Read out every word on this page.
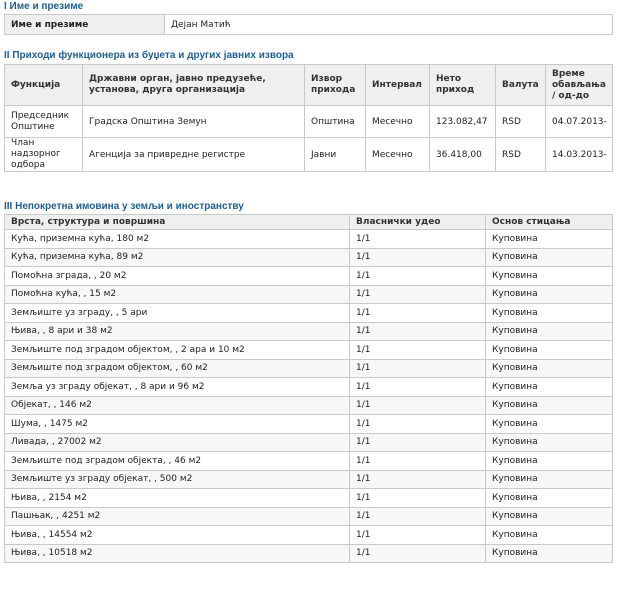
I Име и презиме
Име и презиме	Дејан Матић
II Приходи функционера из буџета и других јавних извора
Функција	Државни орган, јавно предузеће, установа, друга организација	Извор прихода	Интервал	Нето приход	Валута	Време обављања / од-до
Председник Општине	Градска Општина Земун	Општина	Месечно	123.082,47	RSD	04.07.2013-
Члан надзорног одбора	Агенција за привредне регистре	Јавни	Месечно	36.418,00	RSD	14.03.2013-
III Непокретна имовина у земљи и иностранству
Врста, структура и површина	Власнички удео	Основ стицања
Кућа, приземна кућа, 180 м2	1/1	Куповина
Кућа, приземна кућа, 89 м2	1/1	Куповина
Помоћна зграда, , 20 м2	1/1	Куповина
Помоћна кућа, , 15 м2	1/1	Куповина
Земљиште уз зграду, , 5 ари	1/1	Куповина
Њива, , 8 ари и 38 м2	1/1	Куповина
Земљиште под зградом објектом, , 2 ара и 10 м2	1/1	Куповина
Земљиште под зградом објектом, , 60 м2	1/1	Куповина
Земља уз зграду објекат, , 8 ари и 96 м2	1/1	Куповина
Објекат, , 146 м2	1/1	Куповина
Шума, , 1475 м2	1/1	Куповина
Ливада, , 27002 м2	1/1	Куповина
Земљиште под зградом објекта, , 46 м2	1/1	Куповина
Земљиште уз зграду објекат, , 500 м2	1/1	Куповина
Њива, , 2154 м2	1/1	Куповина
Пашњак, , 4251 м2	1/1	Куповина
Њива, , 14554 м2	1/1	Куповина
Њива, , 10518 м2	1/1	Куповина
